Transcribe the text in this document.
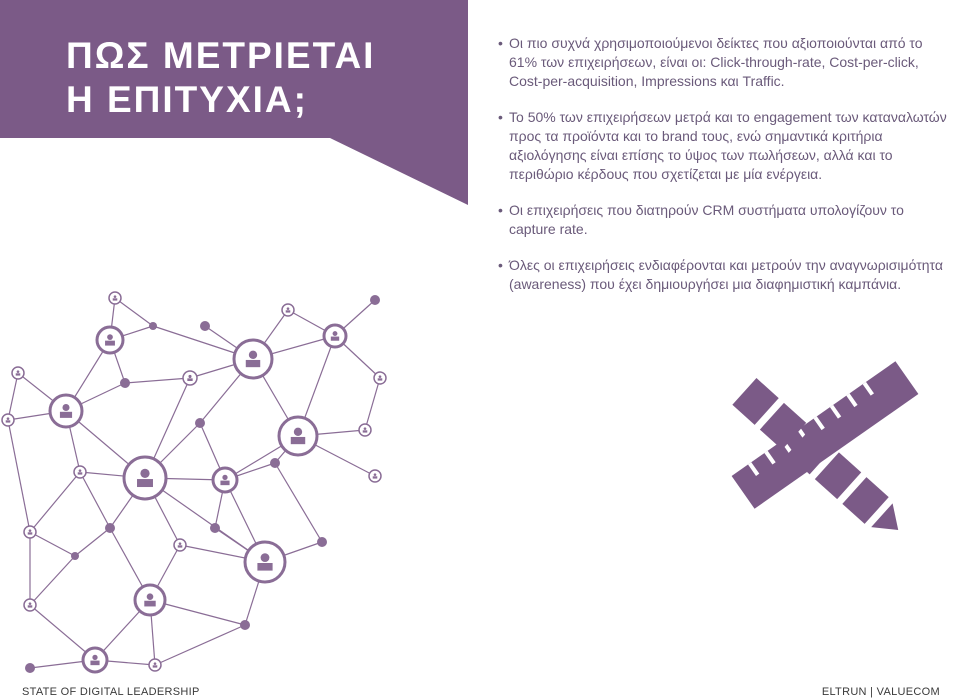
ΠΩΣ ΜΕΤΡΙΕΤΑΙ
Η ΕΠΙΤΥΧΙΑ;

• Οι πιο συχνά χρησιμοποιούμενοι δείκτες που αξιοποιούνται από το 61% των επιχειρήσεων, είναι οι: Click-through-rate, Cost-per-click, Cost-per-acquisition, Impressions και Traffic.

• Το 50% των επιχειρήσεων μετρά και το engagement των καταναλωτών προς τα προϊόντα και το brand τους, ενώ σημαντικά κριτήρια αξιολόγησης είναι επίσης το ύψος των πωλήσεων, αλλά και το περιθώριο κέρδους που σχετίζεται με μία ενέργεια.

• Οι επιχειρήσεις που διατηρούν CRM συστήματα υπολογίζουν το capture rate.

• Όλες οι επιχειρήσεις ενδιαφέρονται και μετρούν την αναγνωρισιμότητα (awareness) που έχει δημιουργήσει μια διαφημιστική καμπάνια.

STATE OF DIGITAL LEADERSHIP	ELTRUN | VALUECOM
